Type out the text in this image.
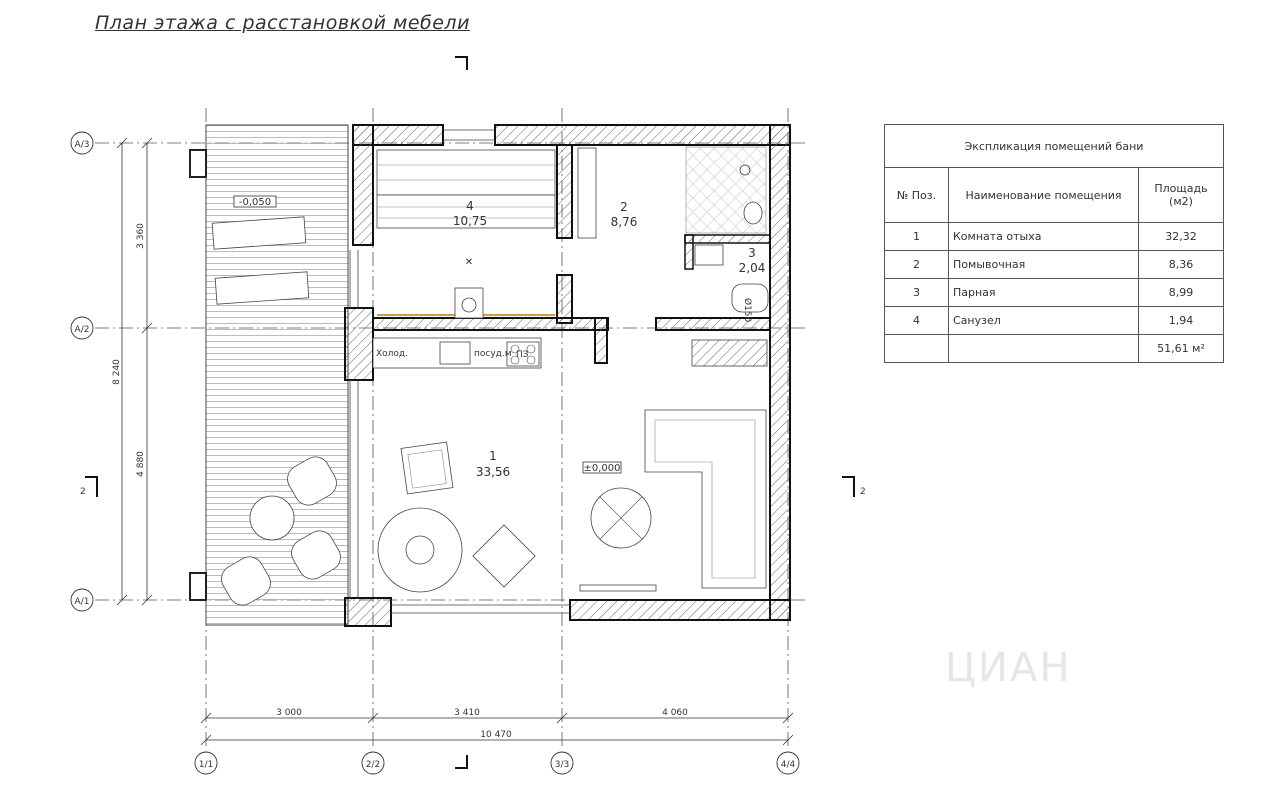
План этажа с расстановкой мебели
-0,050
✕
Ø150
Холод.	посуд.м ПЗ
±0,000
4
10,75
2
8,76
3
2,04
1
33,56
8 240
3 360
4 880
3 000	3 410	4 060
10 470
А/3
А/2
А/1
1/1	2/2	3/3	4/4
2	2
Экспликация помещений бани		
№ Поз.	Наименование помещения	Площадь (м2)
1	Комната отыха	32,32
2	Помывочная	8,36
3	Парная	8,99
4	Санузел	1,94
		51,61 м²
ЦИАН
